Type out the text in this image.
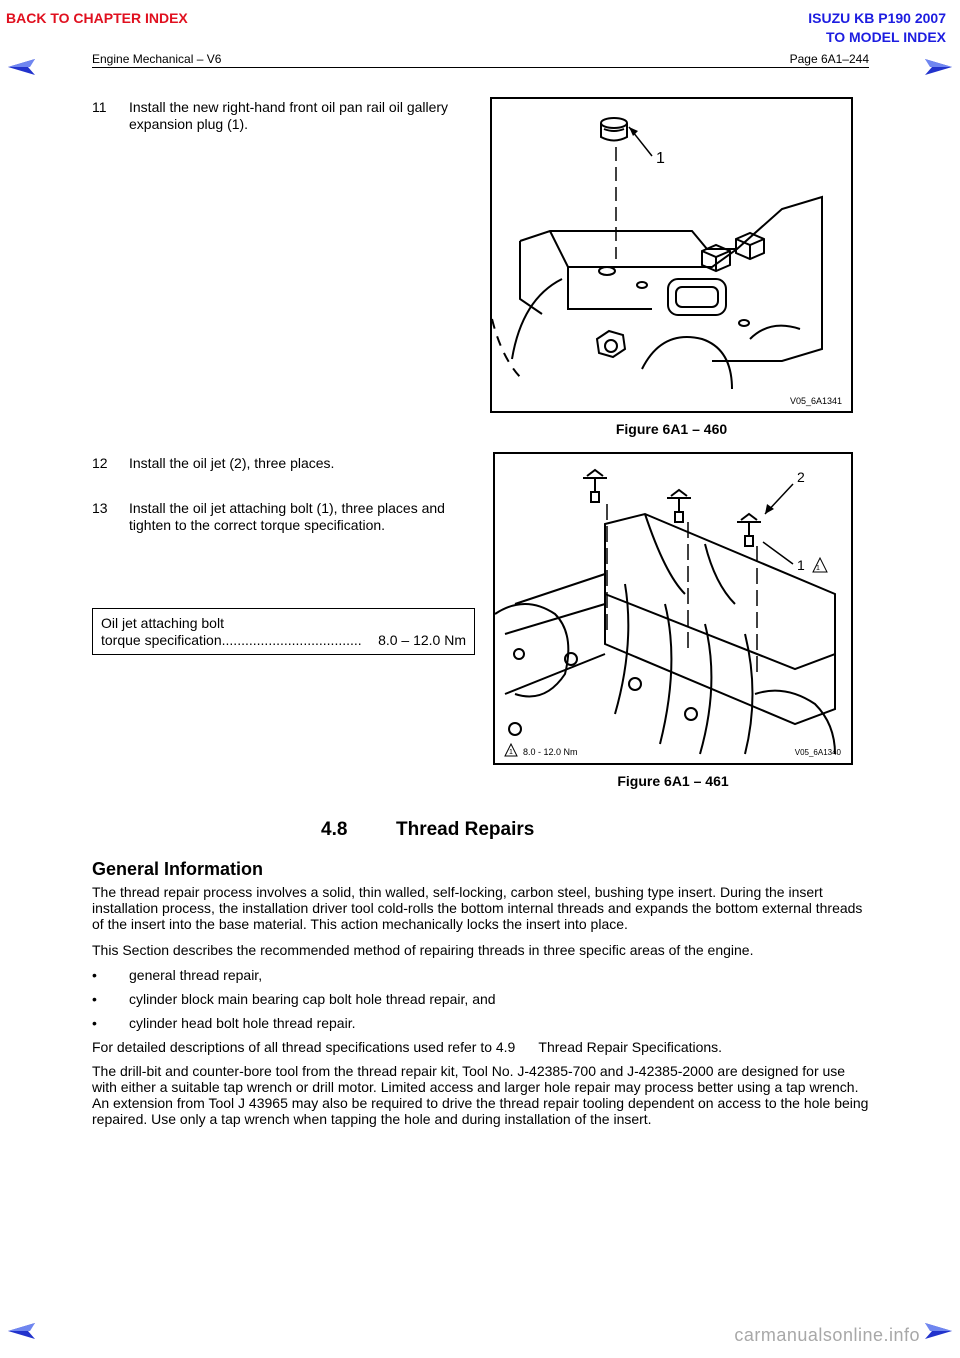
BACK TO CHAPTER INDEX	ISUZU KB P190 2007
TO MODEL INDEX
Engine Mechanical – V6	Page 6A1–244
11 Install the new right-hand front oil pan rail oil gallery
expansion plug (1).
1
V05_6A1341
Figure 6A1 – 460
12 Install the oil jet (2), three places.
13 Install the oil jet attaching bolt (1), three places and
tighten to the correct torque specification.
Oil jet attaching bolt
torque specification ....................................	8.0 – 12.0 Nm
2
1 1
1 8.0 - 12.0 Nm	V05_6A1340
Figure 6A1 – 461
4.8	Thread Repairs
General Information
The thread repair process involves a solid, thin walled, self-locking, carbon steel, bushing type insert. During the insert installation process, the installation driver tool cold-rolls the bottom internal threads and expands the bottom external threads of the insert into the base material. This action mechanically locks the insert into place.
This Section describes the recommended method of repairing threads in three specific areas of the engine.
• general thread repair,
• cylinder block main bearing cap bolt hole thread repair, and
• cylinder head bolt hole thread repair.
For detailed descriptions of all thread specifications used refer to 4.9      Thread Repair Specifications.
The drill-bit and counter-bore tool from the thread repair kit, Tool No. J-42385-700 and J-42385-2000 are designed for use with either a suitable tap wrench or drill motor. Limited access and larger hole repair may process better using a tap wrench. An extension from Tool J 43965 may also be required to drive the thread repair tooling dependent on access to the hole being repaired. Use only a tap wrench when tapping the hole and during installation of the insert.
carmanualsonline.info
